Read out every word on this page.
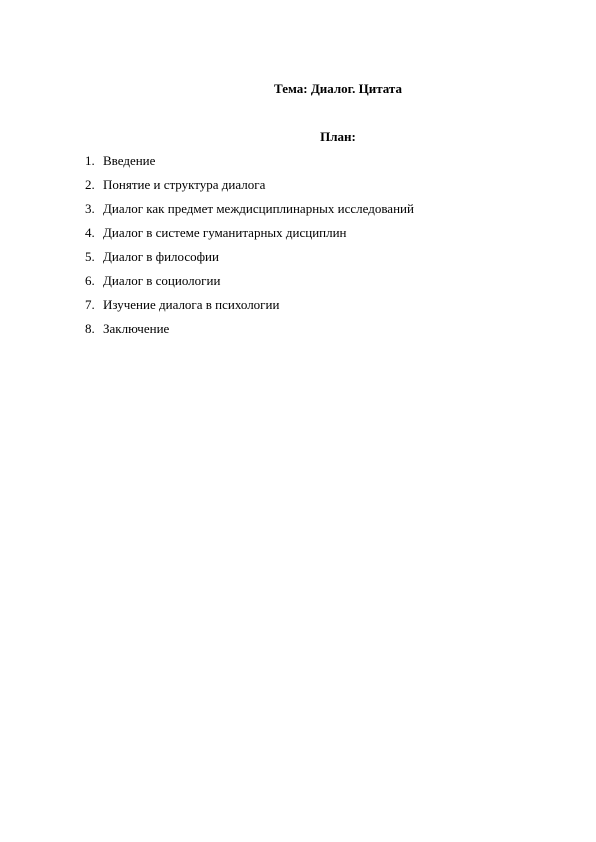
Тема: Диалог. Цитата
План:
1. Введение
2. Понятие и структура диалога
3. Диалог как предмет междисциплинарных исследований
4. Диалог в системе гуманитарных дисциплин
5. Диалог в философии
6. Диалог в социологии
7. Изучение диалога в психологии
8. Заключение
